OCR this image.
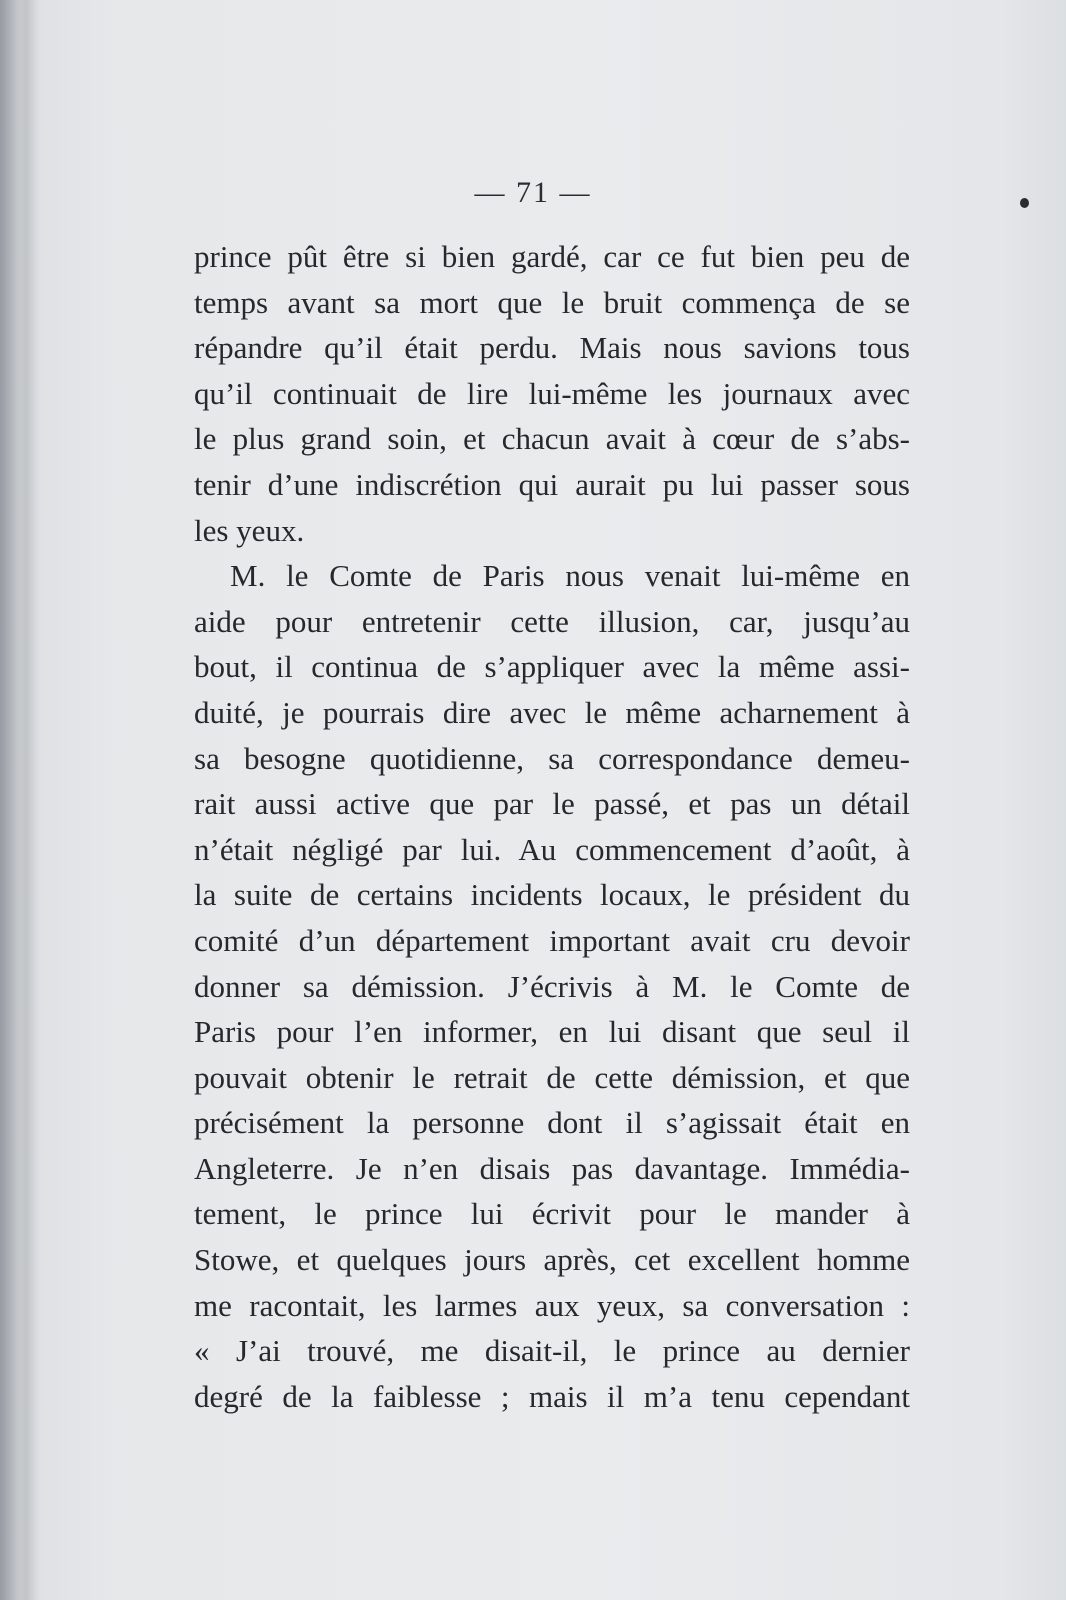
— 71 —
prince pût être si bien gardé, car ce fut bien peu de
temps avant sa mort que le bruit commença de se
répandre qu’il était perdu. Mais nous savions tous
qu’il continuait de lire lui-même les journaux avec
le plus grand soin, et chacun avait à cœur de s’abs-
tenir d’une indiscrétion qui aurait pu lui passer sous
les yeux.
M. le Comte de Paris nous venait lui-même en
aide pour entretenir cette illusion, car, jusqu’au
bout, il continua de s’appliquer avec la même assi-
duité, je pourrais dire avec le même acharnement à
sa besogne quotidienne, sa correspondance demeu-
rait aussi active que par le passé, et pas un détail
n’était négligé par lui. Au commencement d’août, à
la suite de certains incidents locaux, le président du
comité d’un département important avait cru devoir
donner sa démission. J’écrivis à M. le Comte de
Paris pour l’en informer, en lui disant que seul il
pouvait obtenir le retrait de cette démission, et que
précisément la personne dont il s’agissait était en
Angleterre. Je n’en disais pas davantage. Immédia-
tement, le prince lui écrivit pour le mander à
Stowe, et quelques jours après, cet excellent homme
me racontait, les larmes aux yeux, sa conversation :
« J’ai trouvé, me disait-il, le prince au dernier
degré de la faiblesse ; mais il m’a tenu cependant
